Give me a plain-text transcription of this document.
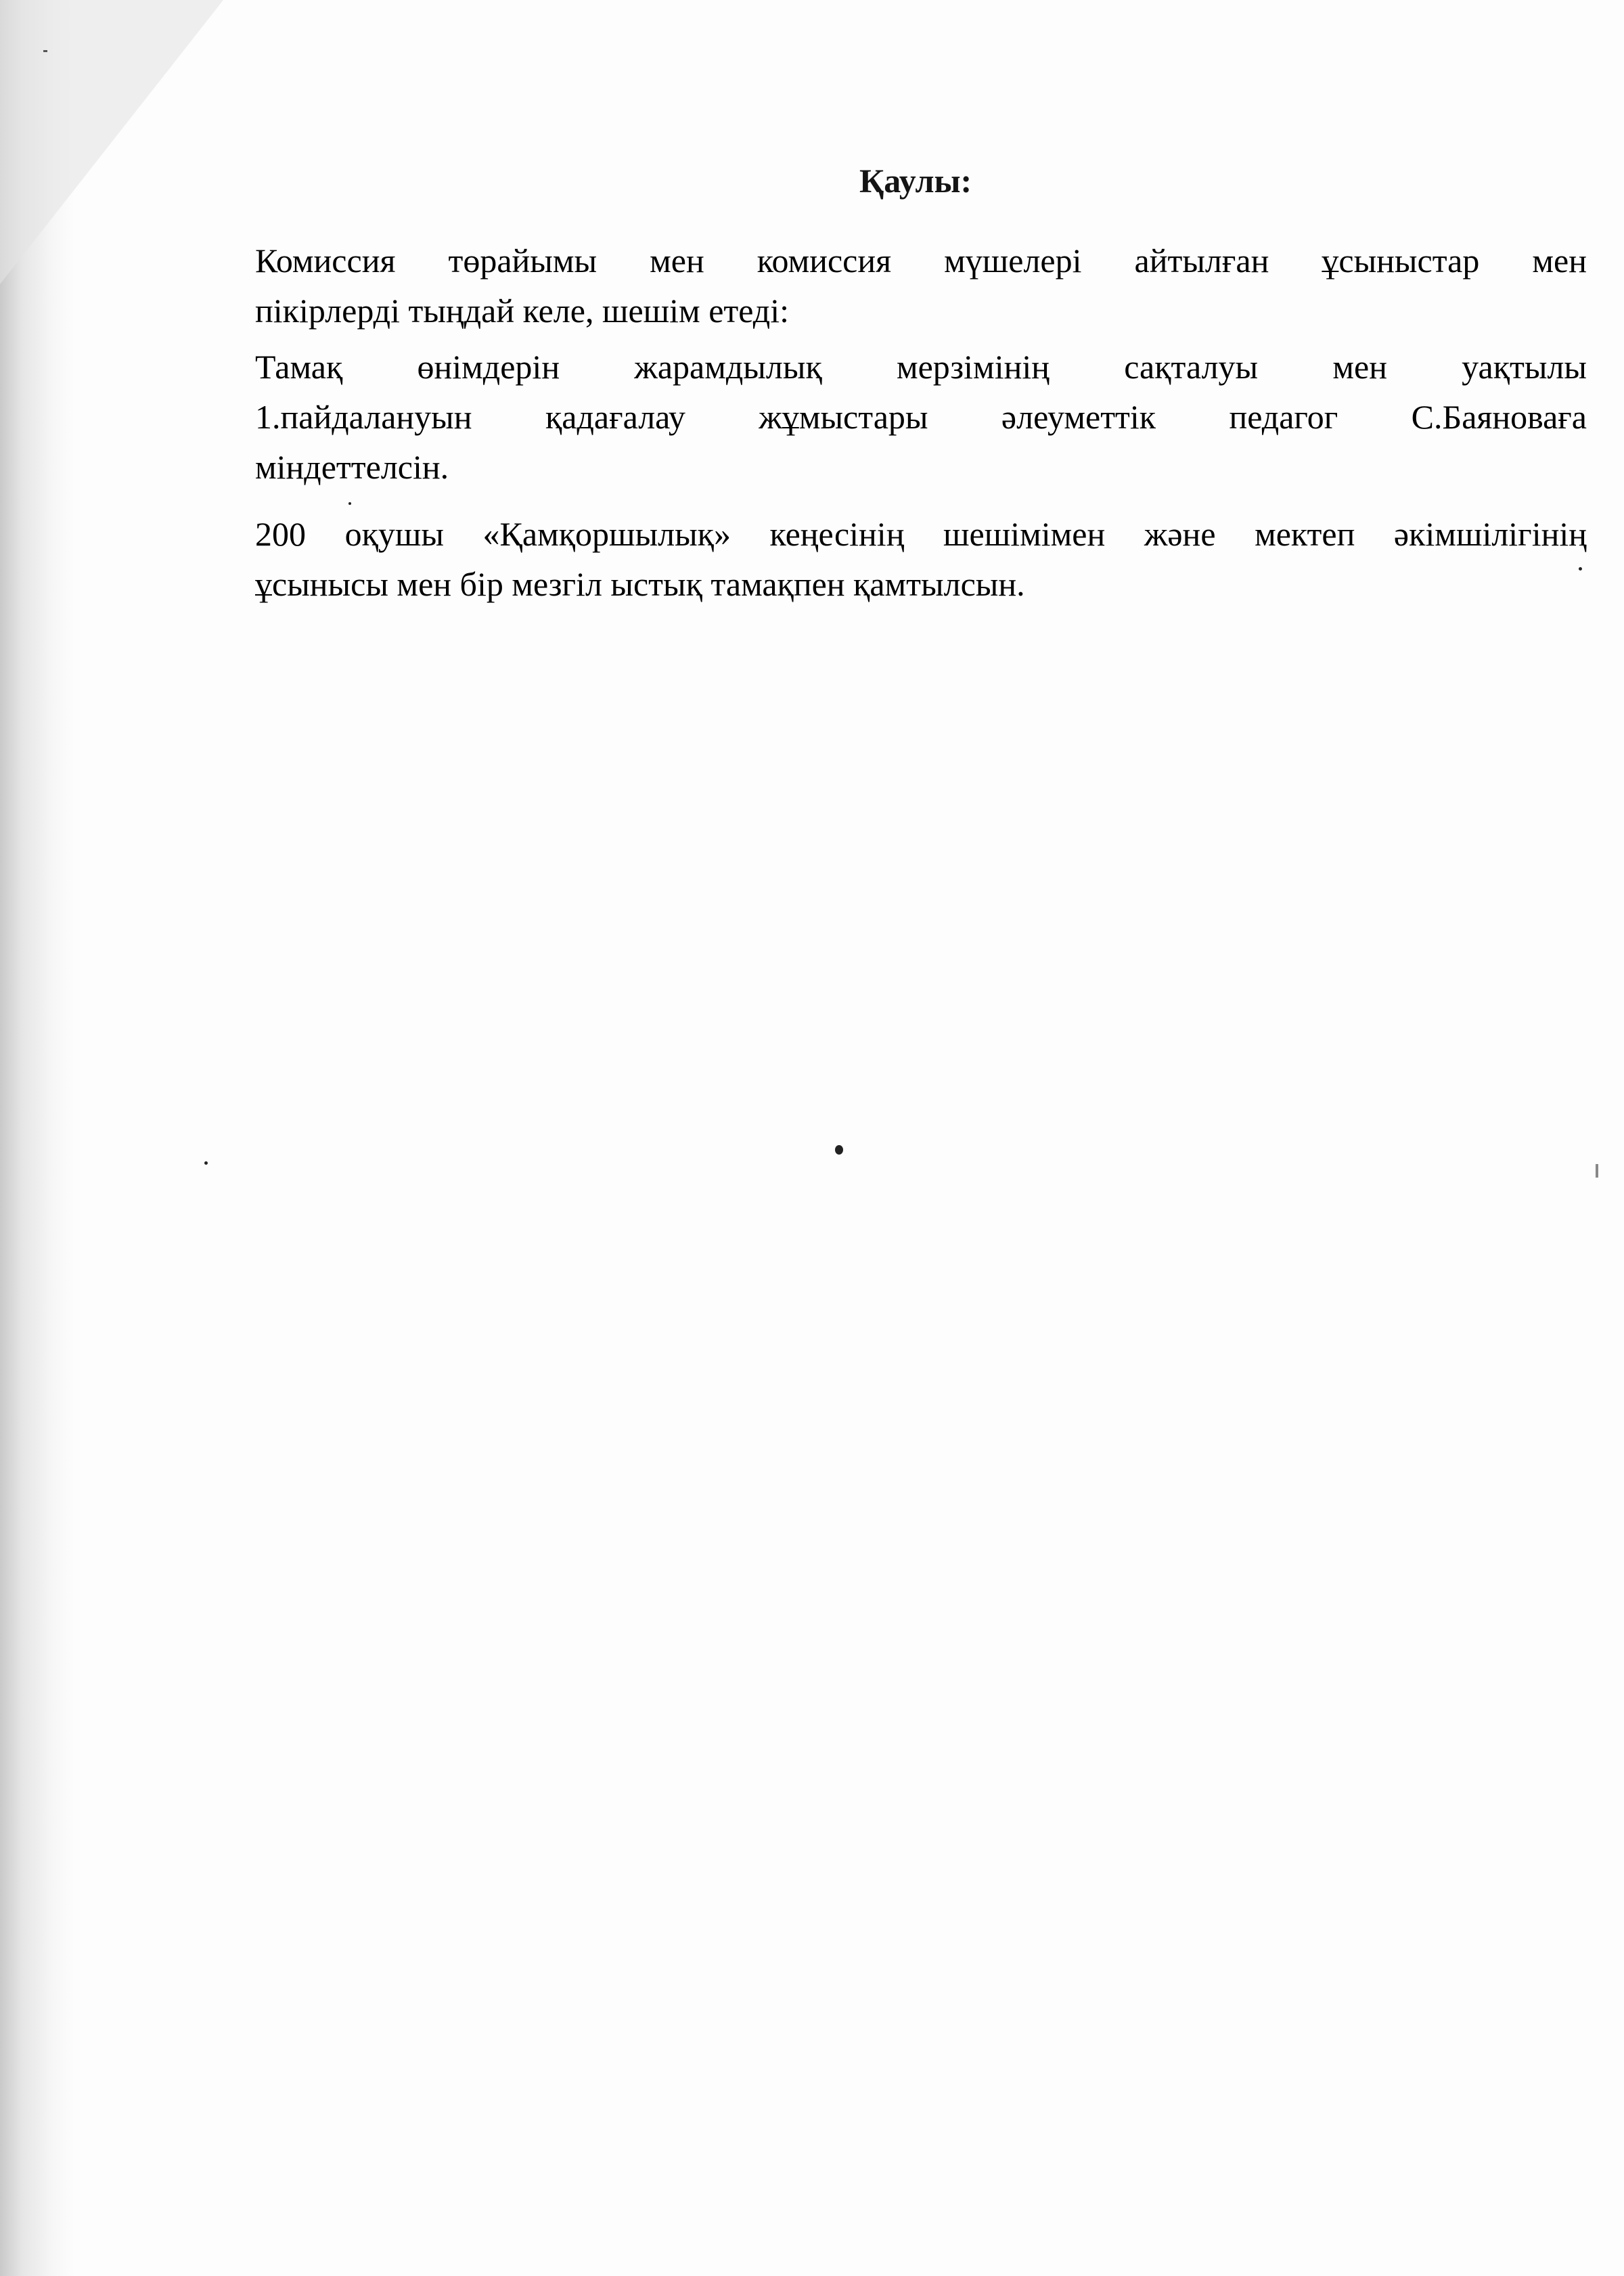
Қаулы:

Комиссия төрайымы мен комиссия мүшелері айтылған ұсыныстар мен
пікірлерді тыңдай келе, шешім етеді:

Тамақ өнімдерін жарамдылық мерзімінің сақталуы мен уақтылы
1.пайдалануын қадағалау жұмыстары әлеуметтік педагог С.Баяноваға
міндеттелсін.

200 оқушы «Қамқоршылық» кеңесінің шешімімен және мектеп әкімшілігінің
ұсынысы мен бір мезгіл ыстық тамақпен қамтылсын.
